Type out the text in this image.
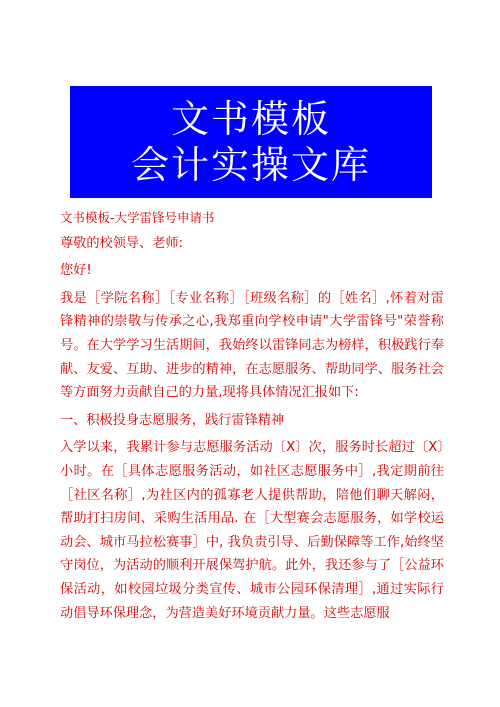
文书模板
会计实操文库

文书模板-大学雷锋号申请书

尊敬的校领导、老师:

您好!

我是［学院名称］［专业名称］［班级名称］的［姓名］,怀着对雷锋精神的崇敬与传承之心,我郑重向学校申请"大学雷锋号"荣誉称号。在大学学习生活期间，我始终以雷锋同志为榜样，积极践行奉献、友爱、互助、进步的精神，在志愿服务、帮助同学、服务社会等方面努力贡献自己的力量,现将具体情况汇报如下:

一、积极投身志愿服务，践行雷锋精神

入学以来，我累计参与志愿服务活动〔X〕次，服务时长超过〔X〕小时。在［具体志愿服务活动，如社区志愿服务中］,我定期前往［社区名称］,为社区内的孤寡老人提供帮助，陪他们聊天解闷，帮助打扫房间、采购生活用品. 在［大型赛会志愿服务，如学校运动会、城市马拉松赛事］中, 我负责引导、后勤保障等工作,始终坚守岗位，为活动的顺利开展保驾护航。此外，我还参与了［公益环保活动，如校园垃圾分类宣传、城市公园环保清理］,通过实际行动倡导环保理念，为营造美好环境贡献力量。这些志愿服
